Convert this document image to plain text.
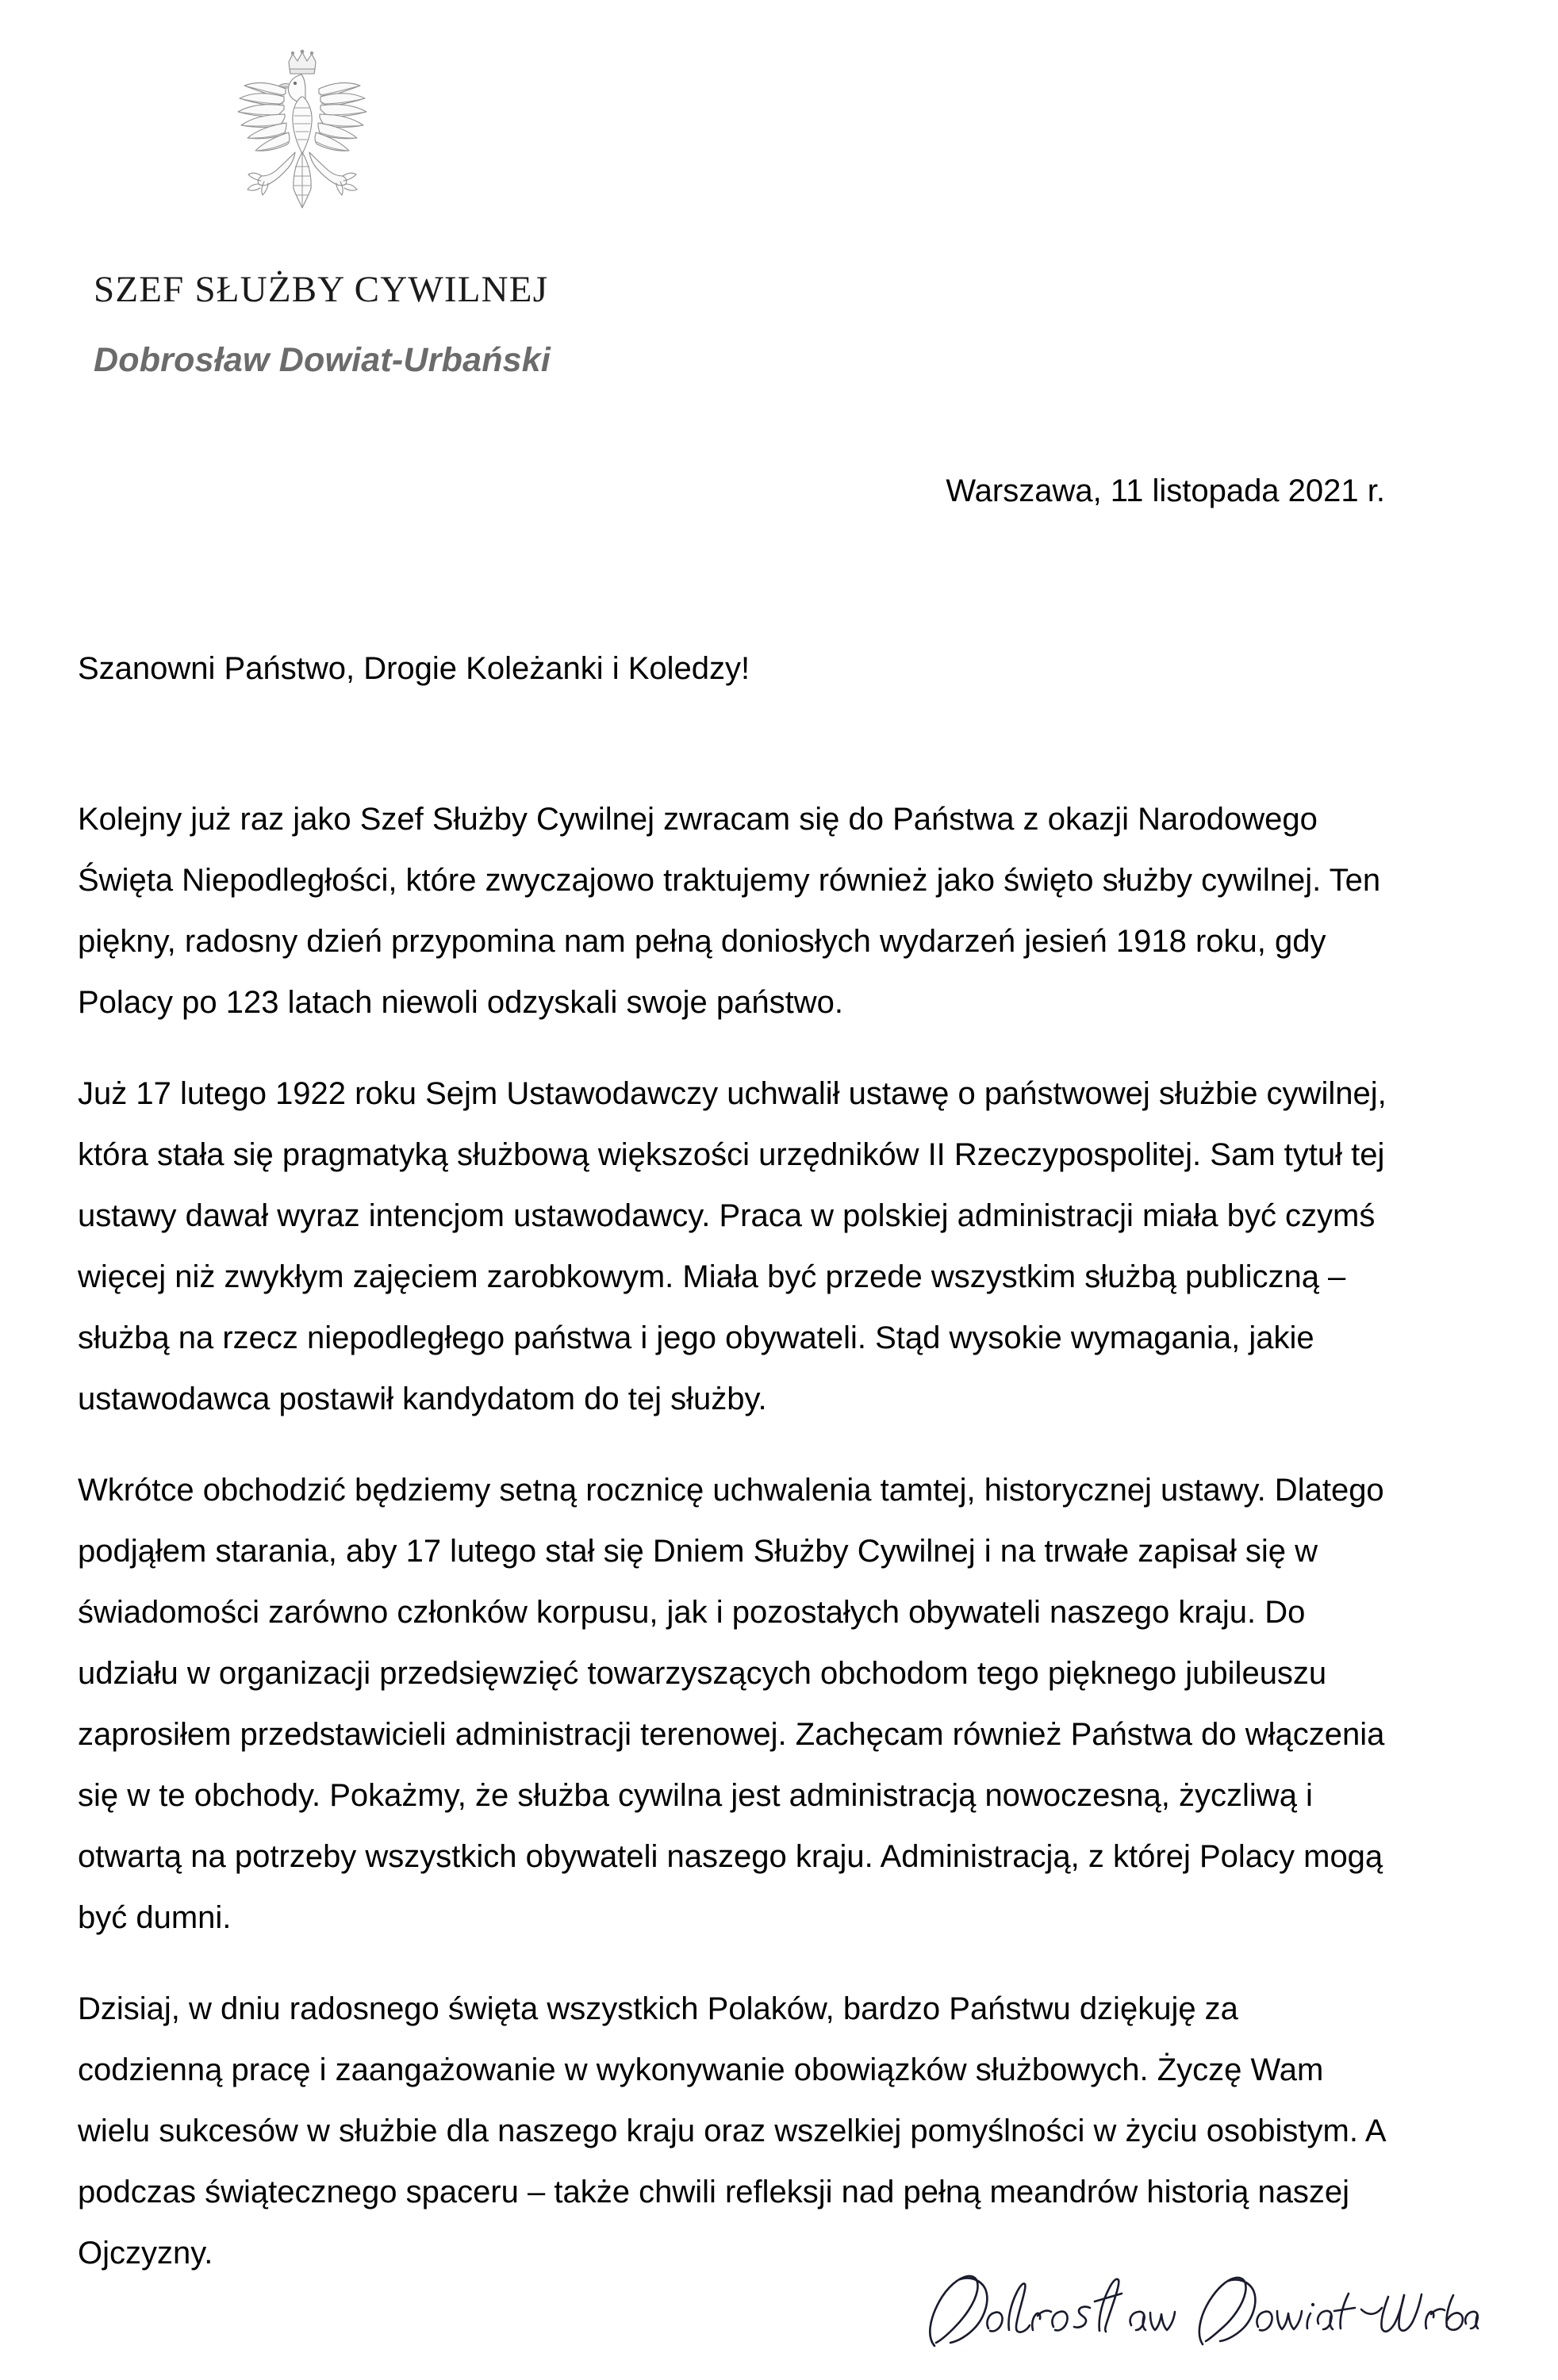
SZEF SŁUŻBY CYWILNEJ
Dobrosław Dowiat-Urbański
Warszawa, 11 listopada 2021 r.

Szanowni Państwo, Drogie Koleżanki i Koledzy!

Kolejny już raz jako Szef Służby Cywilnej zwracam się do Państwa z okazji Narodowego Święta Niepodległości, które zwyczajowo traktujemy również jako święto służby cywilnej. Ten piękny, radosny dzień przypomina nam pełną doniosłych wydarzeń jesień 1918 roku, gdy Polacy po 123 latach niewoli odzyskali swoje państwo.

Już 17 lutego 1922 roku Sejm Ustawodawczy uchwalił ustawę o państwowej służbie cywilnej, która stała się pragmatyką służbową większości urzędników II Rzeczypospolitej. Sam tytuł tej ustawy dawał wyraz intencjom ustawodawcy. Praca w polskiej administracji miała być czymś więcej niż zwykłym zajęciem zarobkowym. Miała być przede wszystkim służbą publiczną – służbą na rzecz niepodległego państwa i jego obywateli. Stąd wysokie wymagania, jakie ustawodawca postawił kandydatom do tej służby.

Wkrótce obchodzić będziemy setną rocznicę uchwalenia tamtej, historycznej ustawy. Dlatego podjąłem starania, aby 17 lutego stał się Dniem Służby Cywilnej i na trwałe zapisał się w świadomości zarówno członków korpusu, jak i pozostałych obywateli naszego kraju. Do udziału w organizacji przedsięwzięć towarzyszących obchodom tego pięknego jubileuszu zaprosiłem przedstawicieli administracji terenowej. Zachęcam również Państwa do włączenia się w te obchody. Pokażmy, że służba cywilna jest administracją nowoczesną, życzliwą i otwartą na potrzeby wszystkich obywateli naszego kraju. Administracją, z której Polacy mogą być dumni.

Dzisiaj, w dniu radosnego święta wszystkich Polaków, bardzo Państwu dziękuję za codzienną pracę i zaangażowanie w wykonywanie obowiązków służbowych. Życzę Wam wielu sukcesów w służbie dla naszego kraju oraz wszelkiej pomyślności w życiu osobistym. A podczas świątecznego spaceru – także chwili refleksji nad pełną meandrów historią naszej Ojczyzny.
